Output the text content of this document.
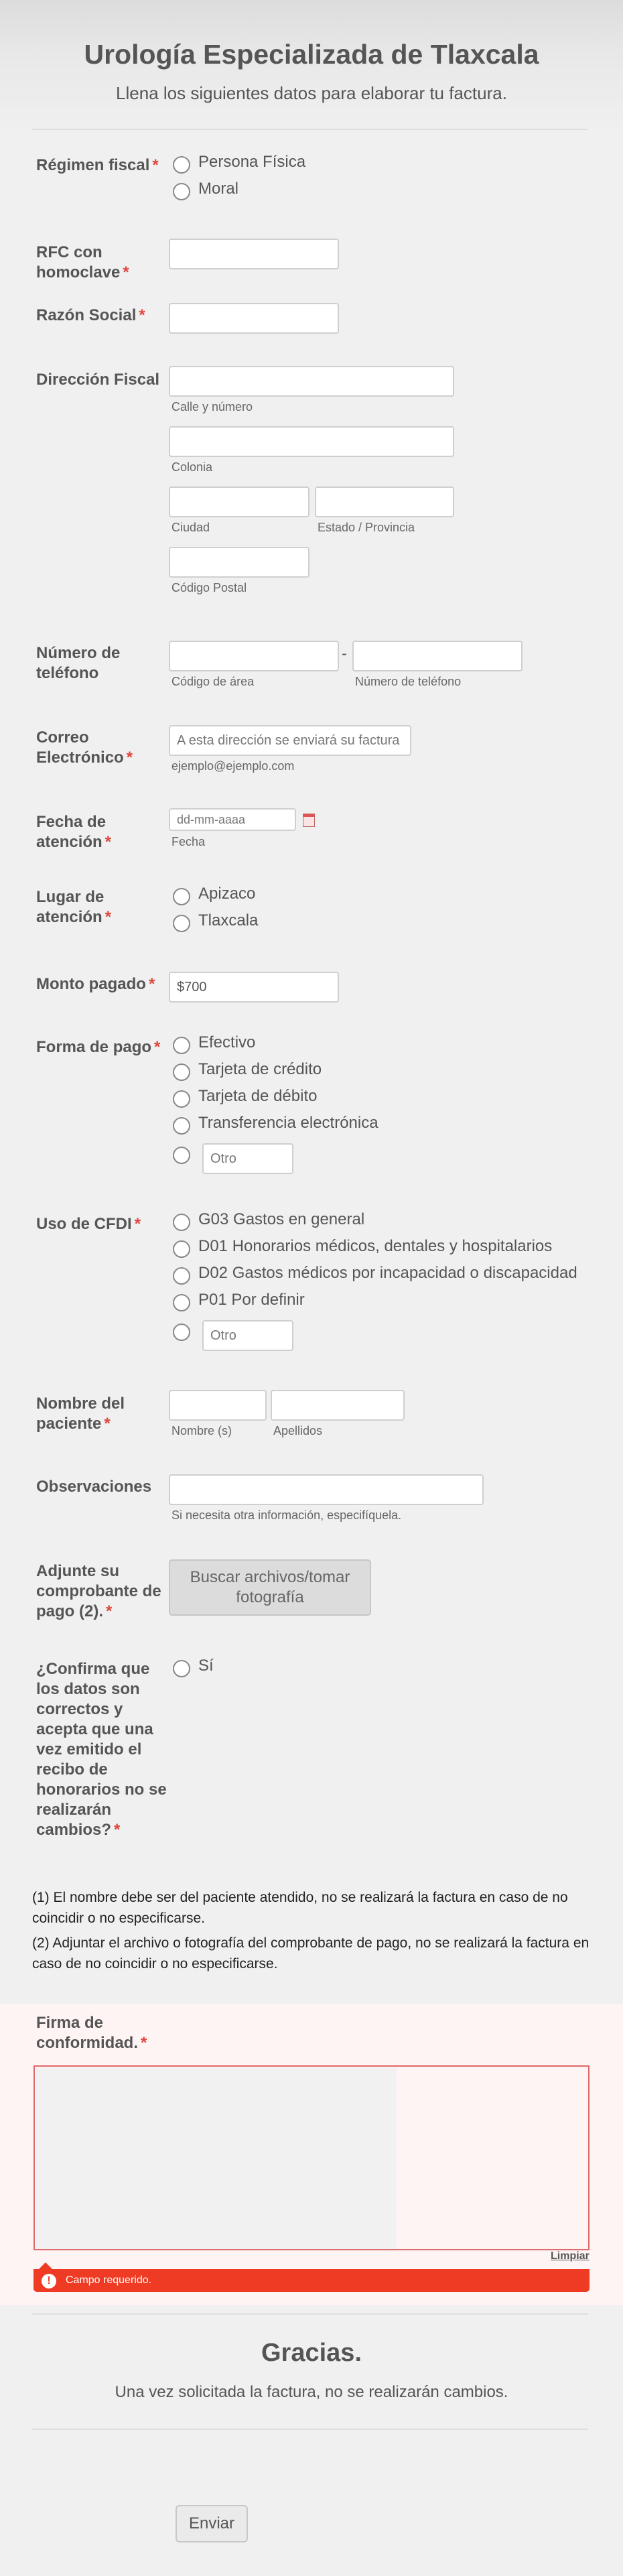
Urología Especializada de Tlaxcala
Llena los siguientes datos para elaborar tu factura.
Régimen fiscal *	Persona Física
Moral
RFC con homoclave *
Razón Social *
Dirección Fiscal
Calle y número
Colonia
Ciudad	Estado / Provincia
Código Postal
Número de teléfono
-
Código de área	Número de teléfono
Correo Electrónico *
A esta dirección se enviará su factura
ejemplo@ejemplo.com
Fecha de atención *
dd-mm-aaaa
Fecha
Lugar de atención *
Apizaco
Tlaxcala
Monto pagado *	$700
Forma de pago * Efectivo
Tarjeta de crédito
Tarjeta de débito
Transferencia electrónica
Otro
Uso de CFDI *	G03 Gastos en general
D01 Honorarios médicos, dentales y hospitalarios
D02 Gastos médicos por incapacidad o discapacidad
P01 Por definir
Otro
Nombre del paciente *	Nombre (s)	Apellidos
Observaciones
Si necesita otra información, especifíquela.
Adjunte su comprobante de pago (2). *
Buscar archivos/tomar fotografía
¿Confirma que los datos son correctos y acepta que una vez emitido el recibo de honorarios no se realizarán cambios? *
Sí
(1) El nombre debe ser del paciente atendido, no se realizará la factura en caso de no coincidir o no especificarse.
(2) Adjuntar el archivo o fotografía del comprobante de pago, no se realizará la factura en caso de no coincidir o no especificarse.
Firma de conformidad. *
Limpiar
Campo requerido.
!
Gracias.
Una vez solicitada la factura, no se realizarán cambios.
Enviar
